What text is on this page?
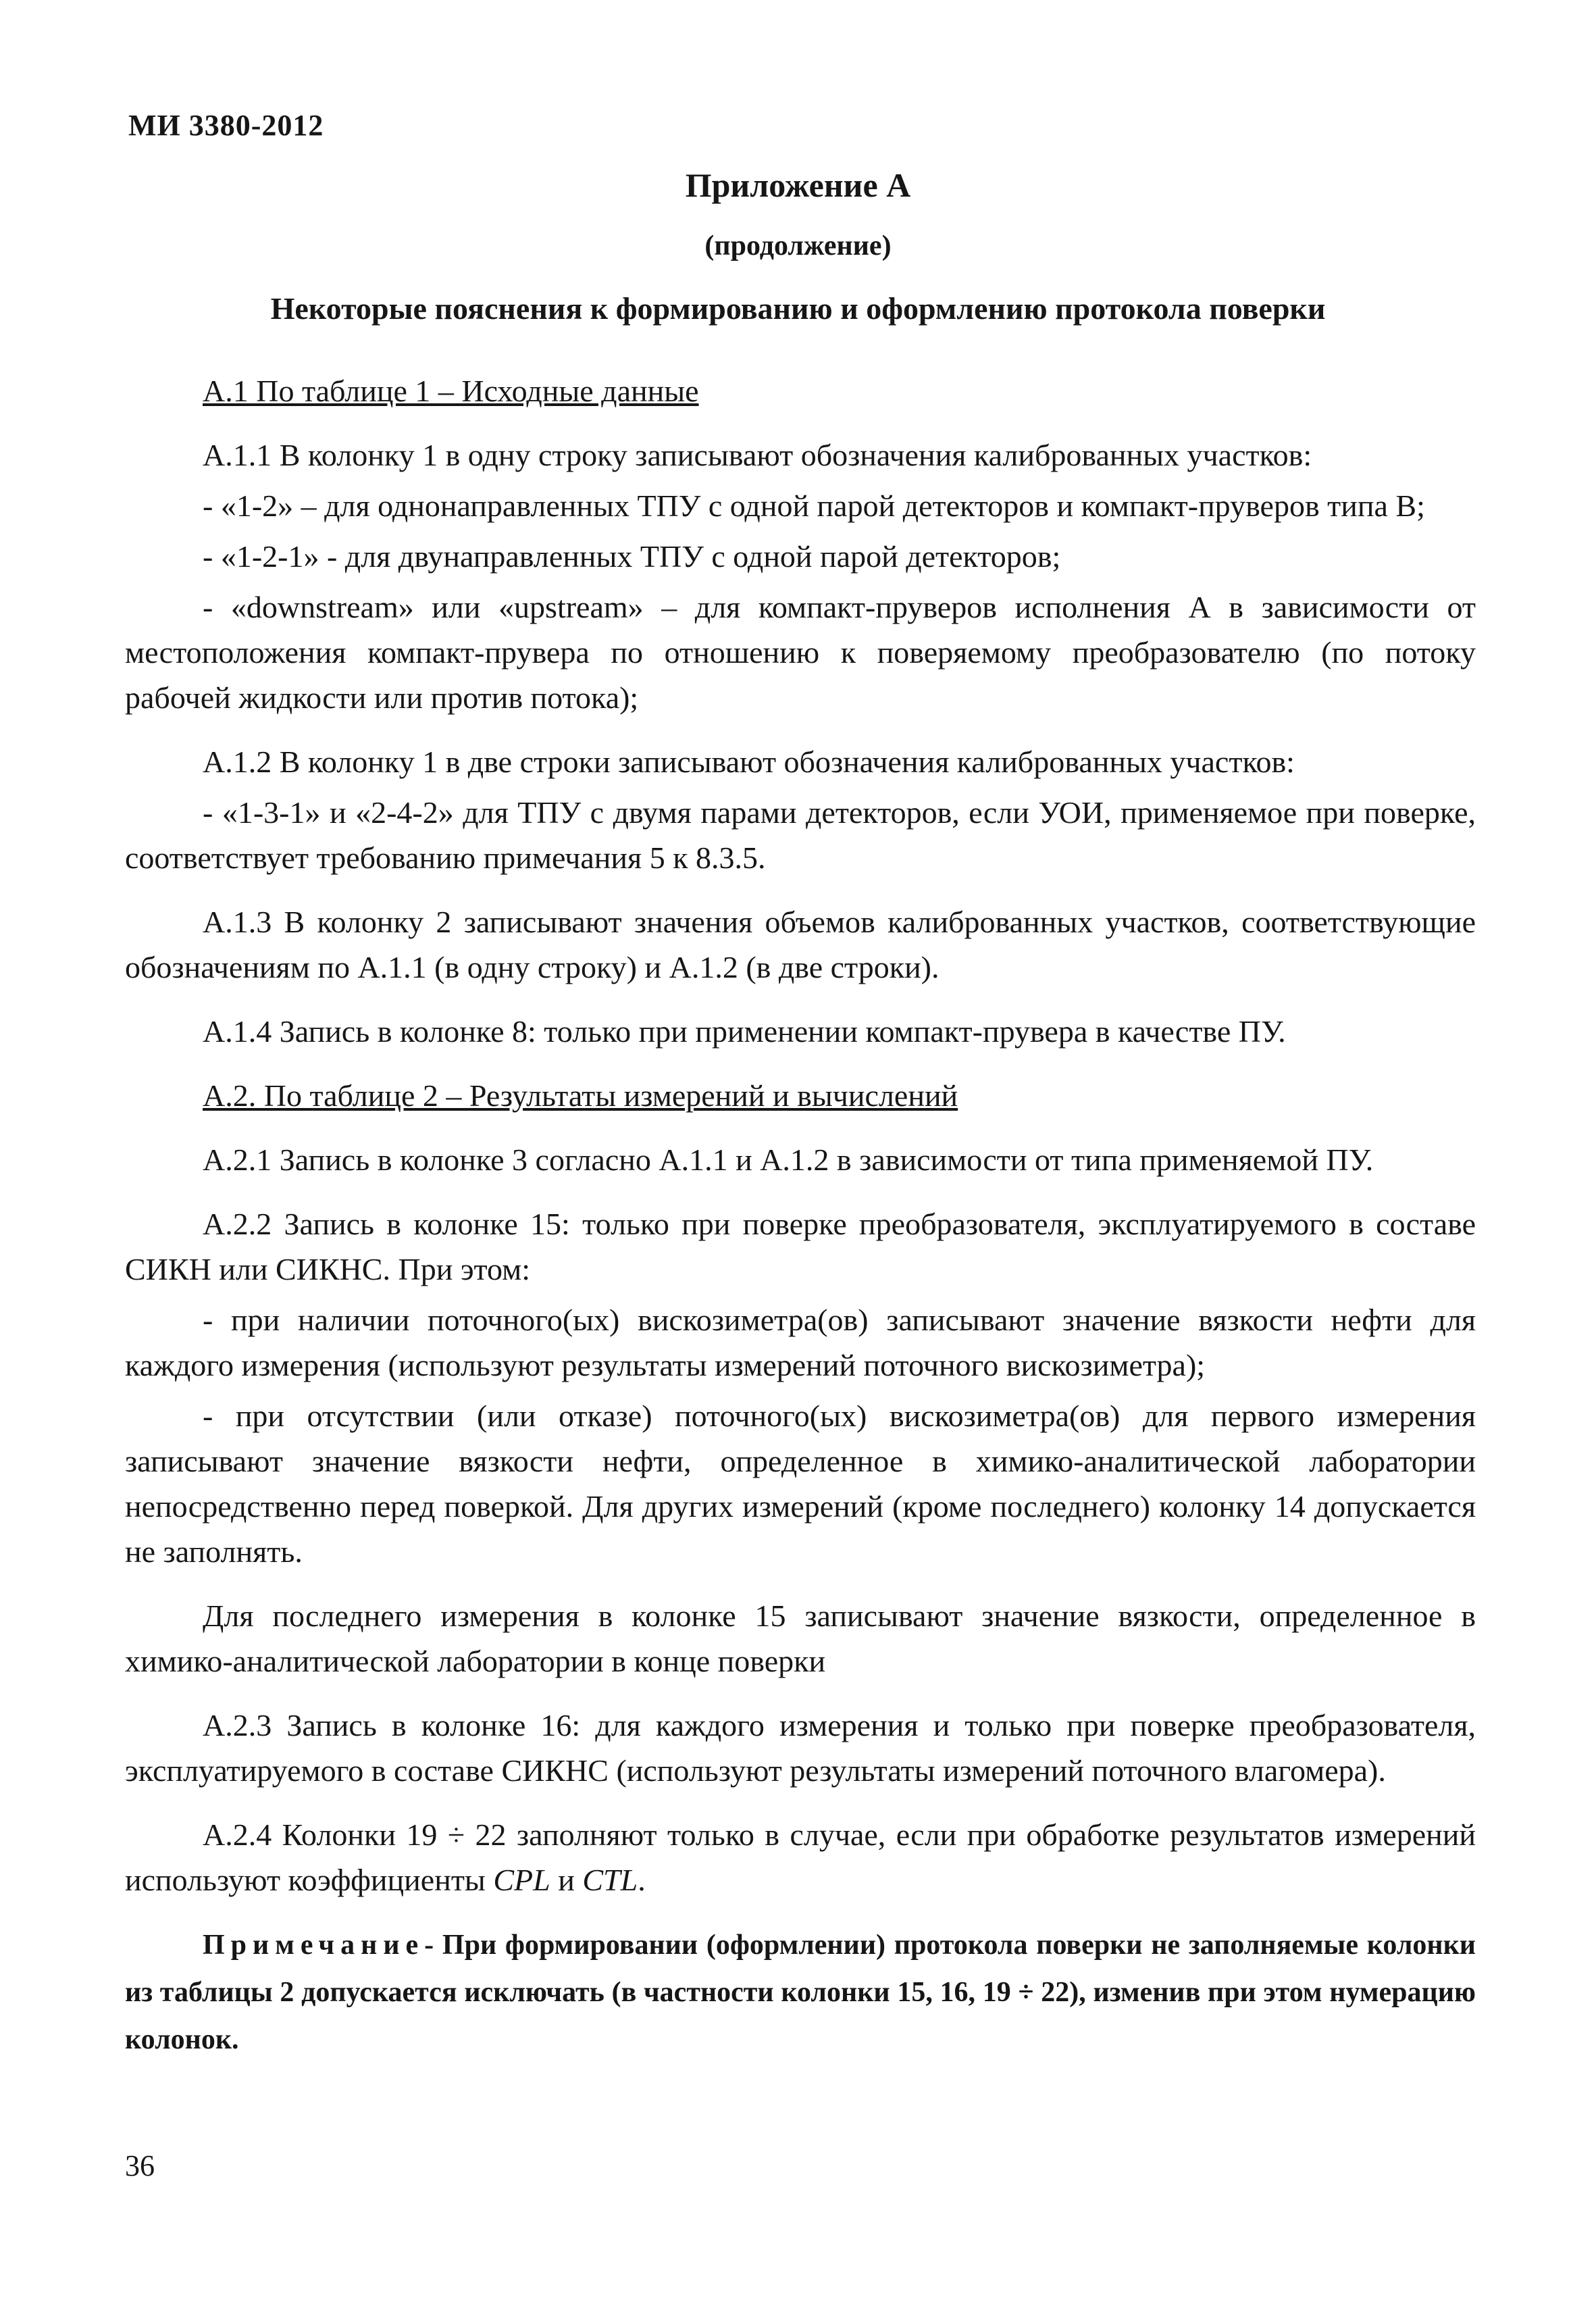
МИ 3380-2012
Приложение А
(продолжение)
Некоторые пояснения к формированию и оформлению протокола поверки
А.1 По таблице 1 – Исходные данные

А.1.1 В колонку 1 в одну строку записывают обозначения калиброванных участков:

- «1-2» – для однонаправленных ТПУ с одной парой детекторов и компакт-пруверов типа В;

- «1-2-1» - для двунаправленных ТПУ с одной парой детекторов;

- «downstream» или «upstream» – для компакт-пруверов исполнения А в зависимости от местоположения компакт-прувера по отношению к поверяемому преобразователю (по потоку рабочей жидкости или против потока);

А.1.2 В колонку 1 в две строки записывают обозначения калиброванных участков:

- «1-3-1» и «2-4-2» для ТПУ с двумя парами детекторов, если УОИ, применяемое при поверке, соответствует требованию примечания 5 к 8.3.5.

А.1.3 В колонку 2 записывают значения объемов калиброванных участков, соответствующие обозначениям по А.1.1 (в одну строку) и А.1.2 (в две строки).

А.1.4 Запись в колонке 8: только при применении компакт-прувера в качестве ПУ.

А.2. По таблице 2 – Результаты измерений и вычислений

А.2.1 Запись в колонке 3 согласно А.1.1 и А.1.2 в зависимости от типа применяемой ПУ.

А.2.2 Запись в колонке 15: только при поверке преобразователя, эксплуатируемого в составе СИКН или СИКНС. При этом:

- при наличии поточного(ых) вискозиметра(ов) записывают значение вязкости нефти для каждого измерения (используют результаты измерений поточного вискозиметра);

- при отсутствии (или отказе) поточного(ых) вискозиметра(ов) для первого измерения записывают значение вязкости нефти, определенное в химико-аналитической лаборатории непосредственно перед поверкой. Для других измерений (кроме последнего) колонку 14 допускается не заполнять.

Для последнего измерения в колонке 15 записывают значение вязкости, определенное в химико-аналитической лаборатории в конце поверки

А.2.3 Запись в колонке 16: для каждого измерения и только при поверке преобразователя, эксплуатируемого в составе СИКНС (используют результаты измерений поточного влагомера).

А.2.4 Колонки 19 ÷ 22 заполняют только в случае, если при обработке результатов измерений используют коэффициенты CPL и CTL.

Примечание- При формировании (оформлении) протокола поверки не заполняемые колонки из таблицы 2 допускается исключать (в частности колонки 15, 16, 19 ÷ 22), изменив при этом нумерацию колонок.

36
